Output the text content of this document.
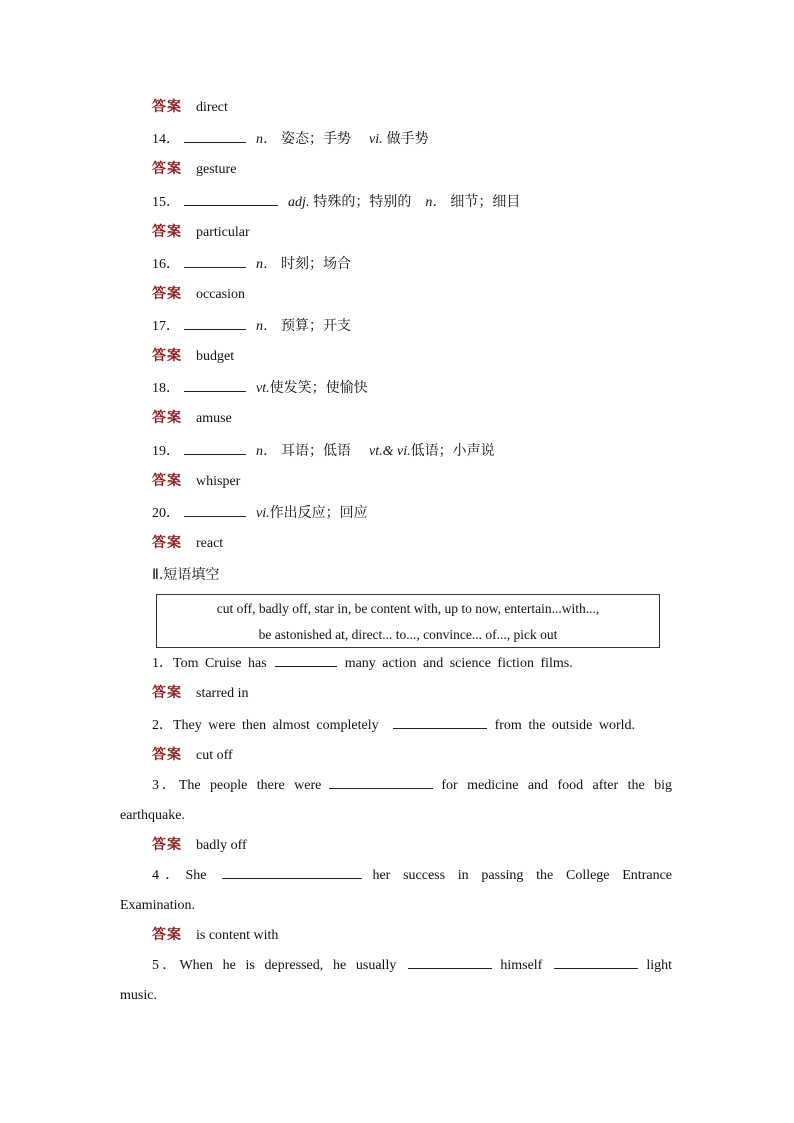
答案 direct
14．	n． 姿态；手势 vi. 做手势
答案 gesture
15．	adj. 特殊的；特别的 n． 细节；细目
答案 particular
16．	n． 时刻；场合
答案 occasion
17．	n． 预算；开支
答案 budget
18．	vt.使发笑；使愉快
答案 amuse
19．	n． 耳语；低语 vt.& vi.低语；小声说
答案 whisper
20．	vi.作出反应；回应
答案 react
Ⅱ.短语填空
cut off, badly off, star in, be content with, up to now, entertain...with...,
be astonished at, direct... to..., convince... of..., pick out
1．Tom Cruise has	many action and science fiction films.
答案 starred in
2．They were then almost completely	from the outside world.
答案 cut off
3．The people there were	for medicine and food after the big earthquake.
答案 badly off
4．She	her success in passing the College Entrance Examination.
答案 is content with
5．When he is depressed, he usually	himself	light music.
